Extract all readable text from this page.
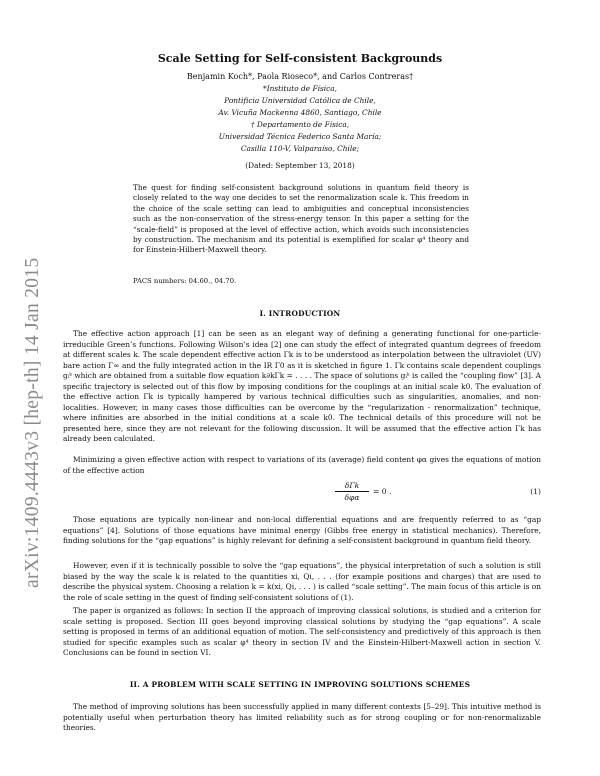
arXiv:1409.4443v3 [hep-th] 14 Jan 2015
Scale Setting for Self-consistent Backgrounds
Benjamin Koch*, Paola Rioseco*, and Carlos Contreras†
*Instituto de Física,
Pontificia Universidad Católica de Chile,
Av. Vicuña Mackenna 4860, Santiago, Chile
† Departamento de Física,
Universidad Técnica Federico Santa María;
Casilla 110-V, Valparaíso, Chile;
(Dated: September 13, 2018)
The quest for finding self-consistent background solutions in quantum field theory is closely related to the way one decides to set the renormalization scale k. This freedom in the choice of the scale setting can lead to ambiguities and conceptual inconsistencies such as the non-conservation of the stress-energy tensor. In this paper a setting for the “scale-field” is proposed at the level of effective action, which avoids such inconsistencies by construction. The mechanism and its potential is exemplified for scalar φ⁴ theory and for Einstein-Hilbert-Maxwell theory.
PACS numbers: 04.60., 04.70.
I. INTRODUCTION
The effective action approach [1] can be seen as an elegant way of defining a generating functional for one-particle-irreducible Green’s functions. Following Wilson’s idea [2] one can study the effect of integrated quantum degrees of freedom at different scales k. The scale dependent effective action Γk is to be understood as interpolation between the ultraviolet (UV) bare action Γ∞ and the fully integrated action in the IR Γ0 as it is sketched in figure 1. Γk contains scale dependent couplings gᵢᵏ which are obtained from a suitable flow equation k∂kΓk = . . . . The space of solutions gᵢᵏ is called the “coupling flow” [3]. A specific trajectory is selected out of this flow by imposing conditions for the couplings at an initial scale k0. The evaluation of the effective action Γk is typically hampered by various technical difficulties such as singularities, anomalies, and non-localities. However, in many cases those difficulties can be overcome by the “regularization - renormalization” technique, where infinities are absorbed in the initial conditions at a scale k0. The technical details of this procedure will not be presented here, since they are not relevant for the following discussion. It will be assumed that the effective action Γk has already been calculated.
Minimizing a given effective action with respect to variations of its (average) field content φα gives the equations of motion of the effective action
δΓk
δφα
= 0 .	(1)
Those equations are typically non-linear and non-local differential equations and are frequently referred to as “gap equations” [4]. Solutions of those equations have minimal energy (Gibbs free energy in statistical mechanics). Therefore, finding solutions for the “gap equations” is highly relevant for defining a self-consistent background in quantum field theory.
However, even if it is technically possible to solve the “gap equations”, the physical interpretation of such a solution is still biased by the way the scale k is related to the quantities xi, Qi, . . . (for example positions and charges) that are used to describe the physical system. Choosing a relation k = k(xi, Qi, . . . ) is called “scale setting”. The main focus of this article is on the role of scale setting in the quest of finding self-consistent solutions of (1).
The paper is organized as follows: In section II the approach of improving classical solutions, is studied and a criterion for scale setting is proposed. Section III goes beyond improving classical solutions by studying the “gap equations”. A scale setting is proposed in terms of an additional equation of motion. The self-consistency and predictively of this approach is then studied for specific examples such as scalar φ⁴ theory in section IV and the Einstein-Hilbert-Maxwell action in section V. Conclusions can be found in section VI.
II. A PROBLEM WITH SCALE SETTING IN IMPROVING SOLUTIONS SCHEMES
The method of improving solutions has been successfully applied in many different contexts [5–29]. This intuitive method is potentially useful when perturbation theory has limited reliability such as for strong coupling or for non-renormalizable theories.
